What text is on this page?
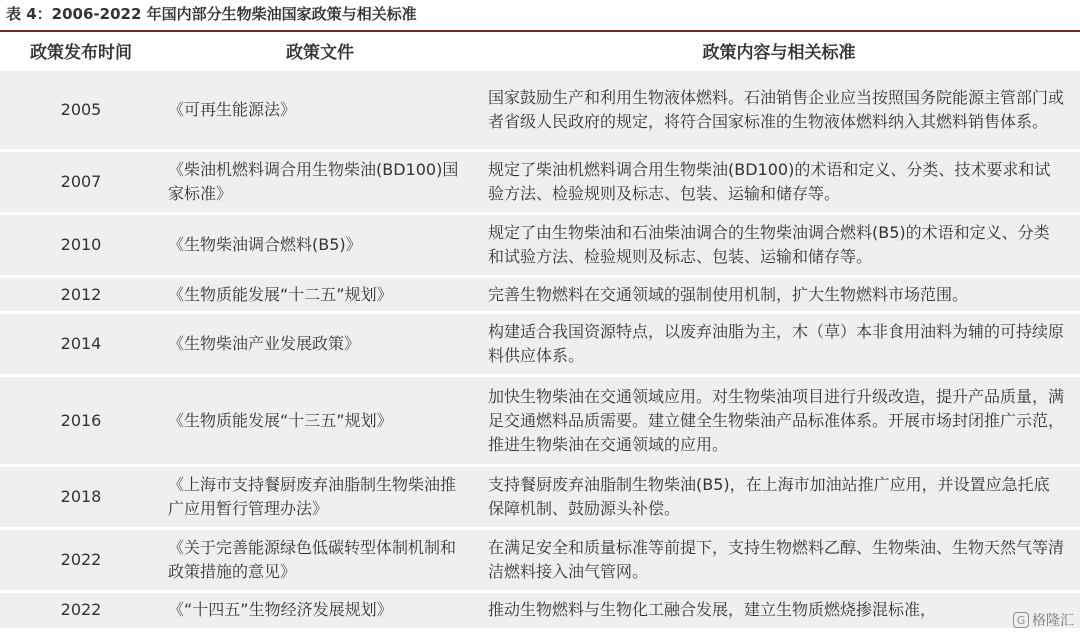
表 4：2006-2022 年国内部分生物柴油国家政策与相关标准
政策发布时间	政策文件	政策内容与相关标准
2005	《可再生能源法》	国家鼓励生产和利用生物液体燃料。石油销售企业应当按照国务院能源主管部门或者省级人民政府的规定，将符合国家标准的生物液体燃料纳入其燃料销售体系。
2007	《柴油机燃料调合用生物柴油(BD100)国家标准》	规定了柴油机燃料调合用生物柴油(BD100)的术语和定义、分类、技术要求和试验方法、检验规则及标志、包装、运输和储存等。
2010	《生物柴油调合燃料(B5)》	规定了由生物柴油和石油柴油调合的生物柴油调合燃料(B5)的术语和定义、分类和试验方法、检验规则及标志、包装、运输和储存等。
2012	《生物质能发展“十二五”规划》	完善生物燃料在交通领域的强制使用机制，扩大生物燃料市场范围。
2014	《生物柴油产业发展政策》	构建适合我国资源特点，以废弃油脂为主，木（草）本非食用油料为辅的可持续原料供应体系。
2016	《生物质能发展“十三五”规划》	加快生物柴油在交通领域应用。对生物柴油项目进行升级改造，提升产品质量，满足交通燃料品质需要。建立健全生物柴油产品标准体系。开展市场封闭推广示范，推进生物柴油在交通领域的应用。
2018	《上海市支持餐厨废弃油脂制生物柴油推广应用暂行管理办法》	支持餐厨废弃油脂制生物柴油(B5)，在上海市加油站推广应用，并设置应急托底保障机制、鼓励源头补偿。
2022	《关于完善能源绿色低碳转型体制机制和政策措施的意见》	在满足安全和质量标准等前提下，支持生物燃料乙醇、生物柴油、生物天然气等清洁燃料接入油气管网。
2022	《“十四五”生物经济发展规划》	推动生物燃料与生物化工融合发展，建立生物质燃烧掺混标准，
G 格隆汇
